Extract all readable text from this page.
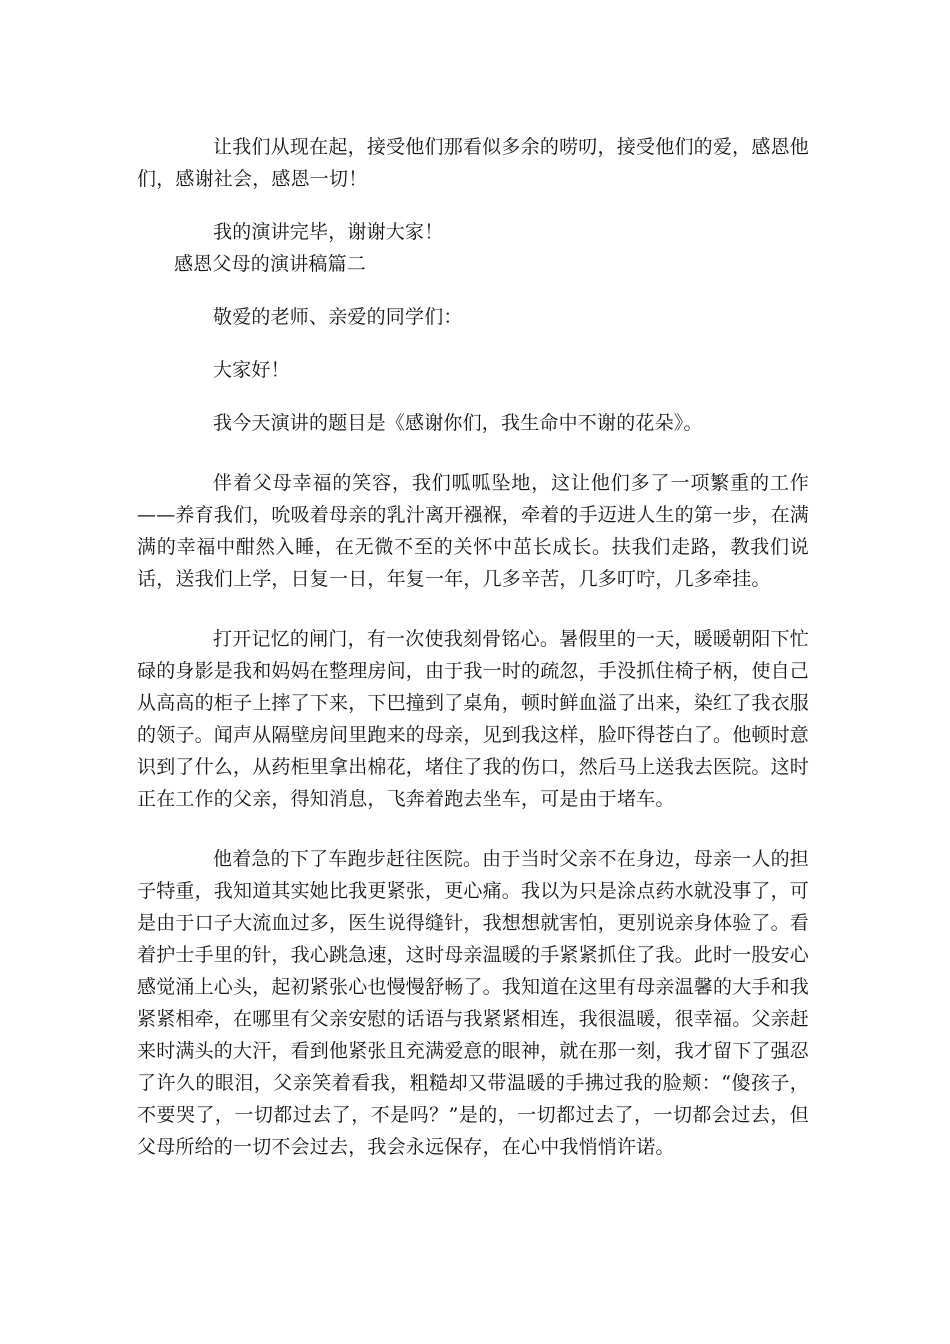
让我们从现在起，接受他们那看似多余的唠叨，接受他们的爱，感恩他们，感谢社会，感恩一切！

我的演讲完毕，谢谢大家！

感恩父母的演讲稿篇二

敬爱的老师、亲爱的同学们：

大家好！

我今天演讲的题目是《感谢你们，我生命中不谢的花朵》。

伴着父母幸福的笑容，我们呱呱坠地，这让他们多了一项繁重的工作——养育我们，吮吸着母亲的乳汁离开襁褓，牵着的手迈进人生的第一步，在满满的幸福中酣然入睡，在无微不至的关怀中茁长成长。扶我们走路，教我们说话，送我们上学，日复一日，年复一年，几多辛苦，几多叮咛，几多牵挂。

打开记忆的闸门，有一次使我刻骨铭心。暑假里的一天，暖暖朝阳下忙碌的身影是我和妈妈在整理房间，由于我一时的疏忽，手没抓住椅子柄，使自己从高高的柜子上摔了下来，下巴撞到了桌角，顿时鲜血溢了出来，染红了我衣服的领子。闻声从隔壁房间里跑来的母亲，见到我这样，脸吓得苍白了。他顿时意识到了什么，从药柜里拿出棉花，堵住了我的伤口，然后马上送我去医院。这时正在工作的父亲，得知消息，飞奔着跑去坐车，可是由于堵车。

他着急的下了车跑步赶往医院。由于当时父亲不在身边，母亲一人的担子特重，我知道其实她比我更紧张，更心痛。我以为只是涂点药水就没事了，可是由于口子大流血过多，医生说得缝针，我想想就害怕，更别说亲身体验了。看着护士手里的针，我心跳急速，这时母亲温暖的手紧紧抓住了我。此时一股安心感觉涌上心头，起初紧张心也慢慢舒畅了。我知道在这里有母亲温馨的大手和我紧紧相牵，在哪里有父亲安慰的话语与我紧紧相连，我很温暖，很幸福。父亲赶来时满头的大汗，看到他紧张且充满爱意的眼神，就在那一刻，我才留下了强忍了许久的眼泪，父亲笑着看我，粗糙却又带温暖的手拂过我的脸颊：“傻孩子，不要哭了，一切都过去了，不是吗？”是的，一切都过去了，一切都会过去，但父母所给的一切不会过去，我会永远保存，在心中我悄悄许诺。
